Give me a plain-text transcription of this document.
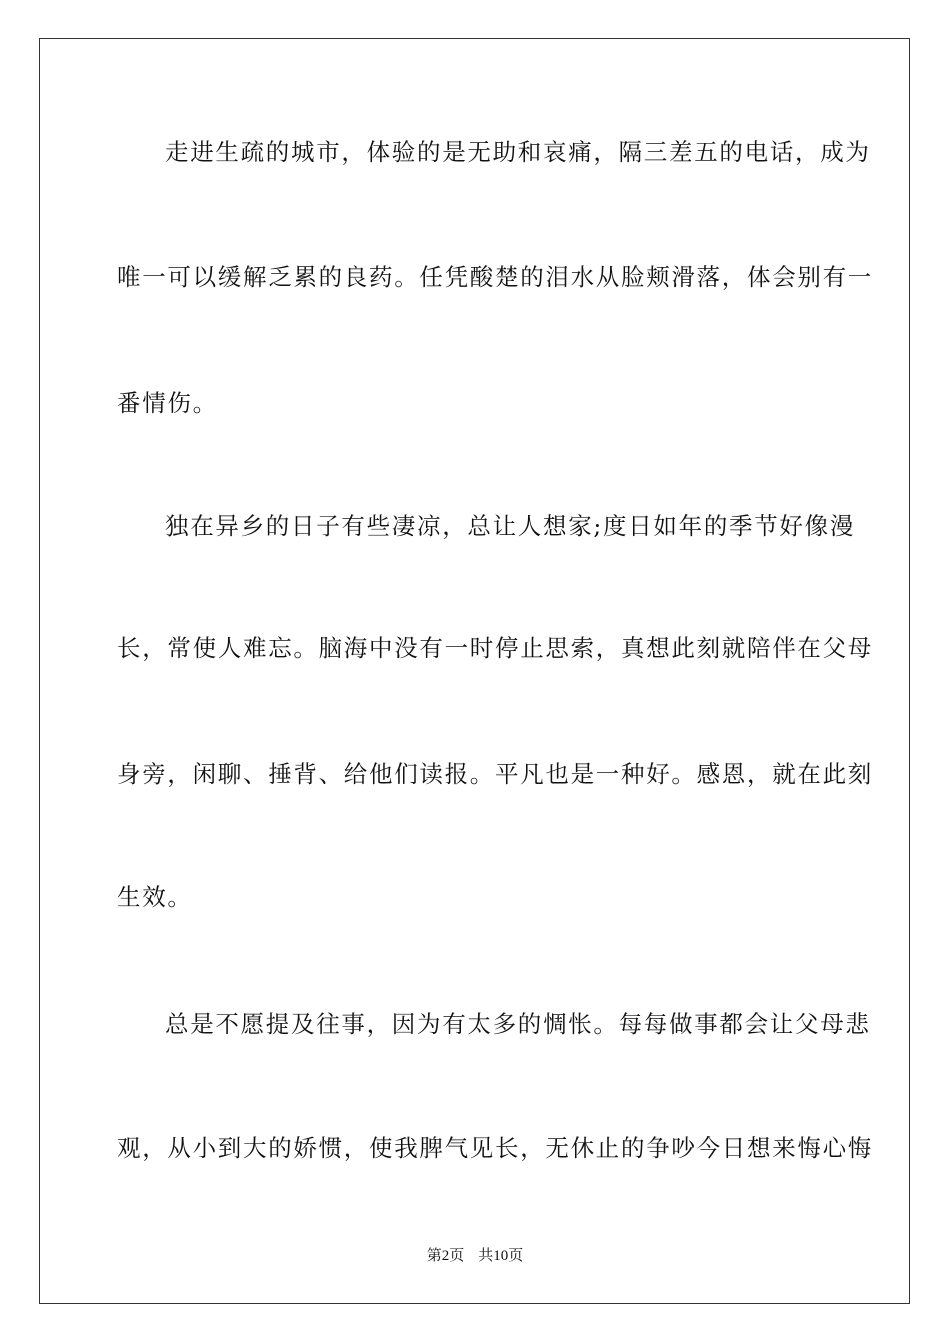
走进生疏的城市，体验的是无助和哀痛，隔三差五的电话，成为
唯一可以缓解乏累的良药。任凭酸楚的泪水从脸颊滑落，体会别有一
番情伤。
独在异乡的日子有些凄凉，总让人想家;度日如年的季节好像漫
长，常使人难忘。脑海中没有一时停止思索，真想此刻就陪伴在父母
身旁，闲聊、捶背、给他们读报。平凡也是一种好。感恩，就在此刻
生效。
总是不愿提及往事，因为有太多的惆怅。每每做事都会让父母悲
观，从小到大的娇惯，使我脾气见长，无休止的争吵今日想来悔心悔
第2页 共10页
